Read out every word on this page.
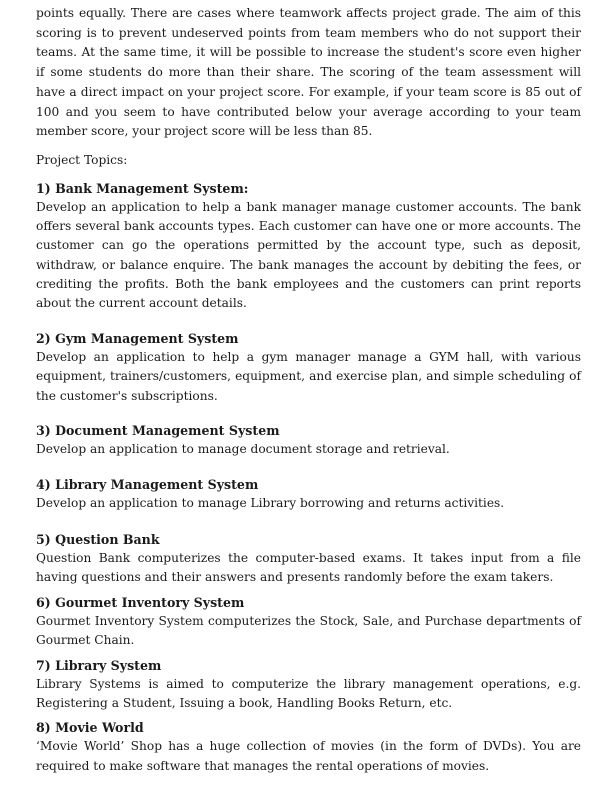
points equally. There are cases where teamwork affects project grade. The aim of this scoring is to prevent undeserved points from team members who do not support their teams. At the same time, it will be possible to increase the student's score even higher if some students do more than their share. The scoring of the team assessment will have a direct impact on your project score. For example, if your team score is 85 out of 100 and you seem to have contributed below your average according to your team member score, your project score will be less than 85.

Project Topics:

1) Bank Management System:

Develop an application to help a bank manager manage customer accounts. The bank offers several bank accounts types. Each customer can have one or more accounts. The customer can go the operations permitted by the account type, such as deposit, withdraw, or balance enquire. The bank manages the account by debiting the fees, or crediting the profits. Both the bank employees and the customers can print reports about the current account details.

2) Gym Management System

Develop an application to help a gym manager manage a GYM hall, with various equipment, trainers/customers, equipment, and exercise plan, and simple scheduling of the customer's subscriptions.

3) Document Management System

Develop an application to manage document storage and retrieval.

4) Library Management System

Develop an application to manage Library borrowing and returns activities.

5) Question Bank

Question Bank computerizes the computer-based exams. It takes input from a file having questions and their answers and presents randomly before the exam takers.

6) Gourmet Inventory System

Gourmet Inventory System computerizes the Stock, Sale, and Purchase departments of Gourmet Chain.

7) Library System

Library Systems is aimed to computerize the library management operations, e.g. Registering a Student, Issuing a book, Handling Books Return, etc.

8) Movie World

‘Movie World’ Shop has a huge collection of movies (in the form of DVDs). You are required to make software that manages the rental operations of movies.
